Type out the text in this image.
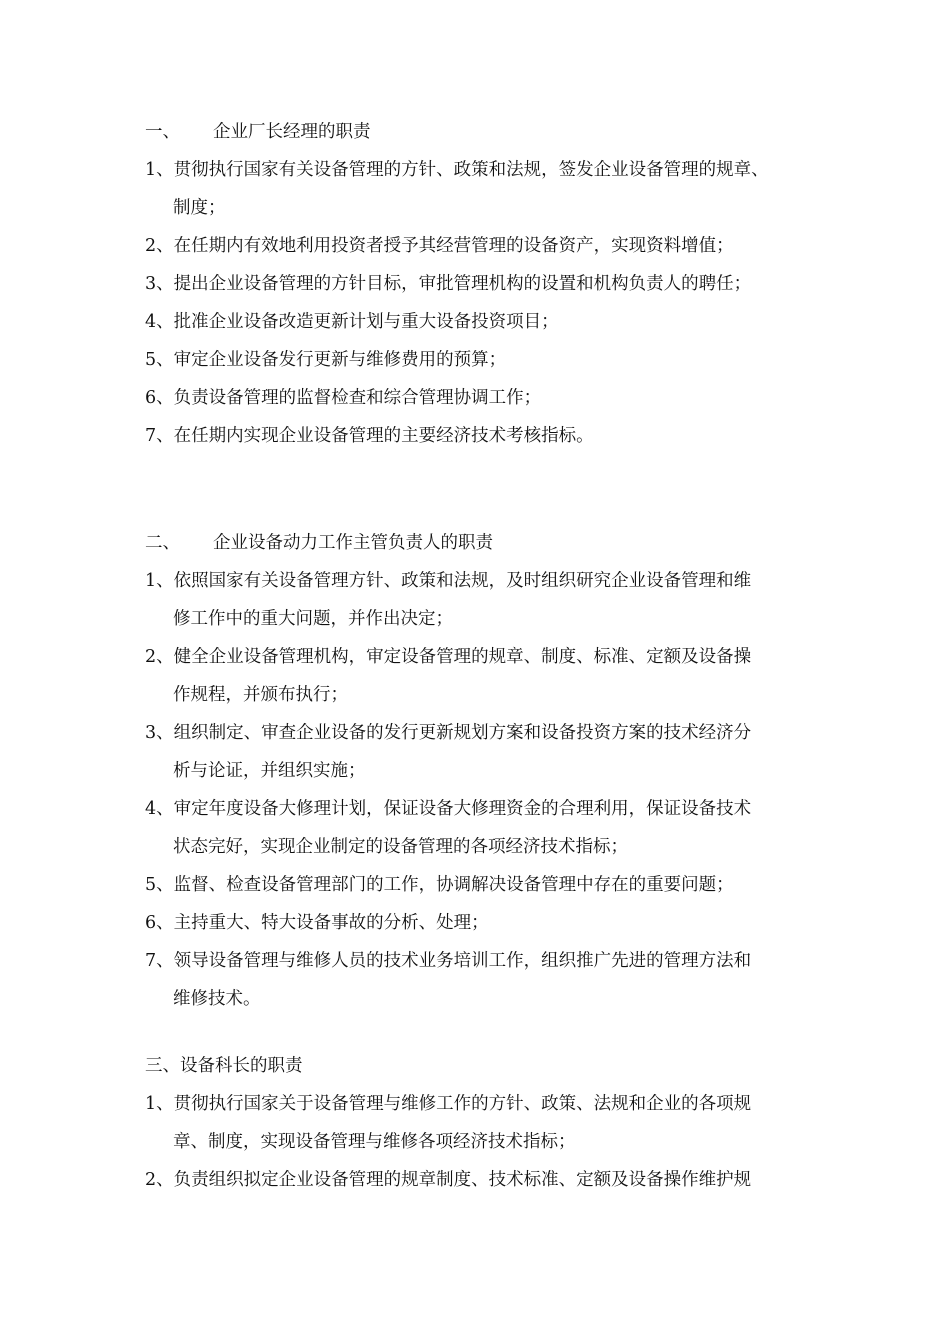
一、 企业厂长经理的职责
1、贯彻执行国家有关设备管理的方针、政策和法规，签发企业设备管理的规章、
制度；
2、在任期内有效地利用投资者授予其经营管理的设备资产，实现资料增值；
3、提出企业设备管理的方针目标，审批管理机构的设置和机构负责人的聘任；
4、批准企业设备改造更新计划与重大设备投资项目；
5、审定企业设备发行更新与维修费用的预算；
6、负责设备管理的监督检查和综合管理协调工作；
7、在任期内实现企业设备管理的主要经济技术考核指标。
二、 企业设备动力工作主管负责人的职责
1、依照国家有关设备管理方针、政策和法规，及时组织研究企业设备管理和维
修工作中的重大问题，并作出决定；
2、健全企业设备管理机构，审定设备管理的规章、制度、标准、定额及设备操
作规程，并颁布执行；
3、组织制定、审查企业设备的发行更新规划方案和设备投资方案的技术经济分
析与论证，并组织实施；
4、审定年度设备大修理计划，保证设备大修理资金的合理利用，保证设备技术
状态完好，实现企业制定的设备管理的各项经济技术指标；
5、监督、检查设备管理部门的工作，协调解决设备管理中存在的重要问题；
6、主持重大、特大设备事故的分析、处理；
7、领导设备管理与维修人员的技术业务培训工作，组织推广先进的管理方法和
维修技术。
三、设备科长的职责
1、贯彻执行国家关于设备管理与维修工作的方针、政策、法规和企业的各项规
章、制度，实现设备管理与维修各项经济技术指标；
2、负责组织拟定企业设备管理的规章制度、技术标准、定额及设备操作维护规
